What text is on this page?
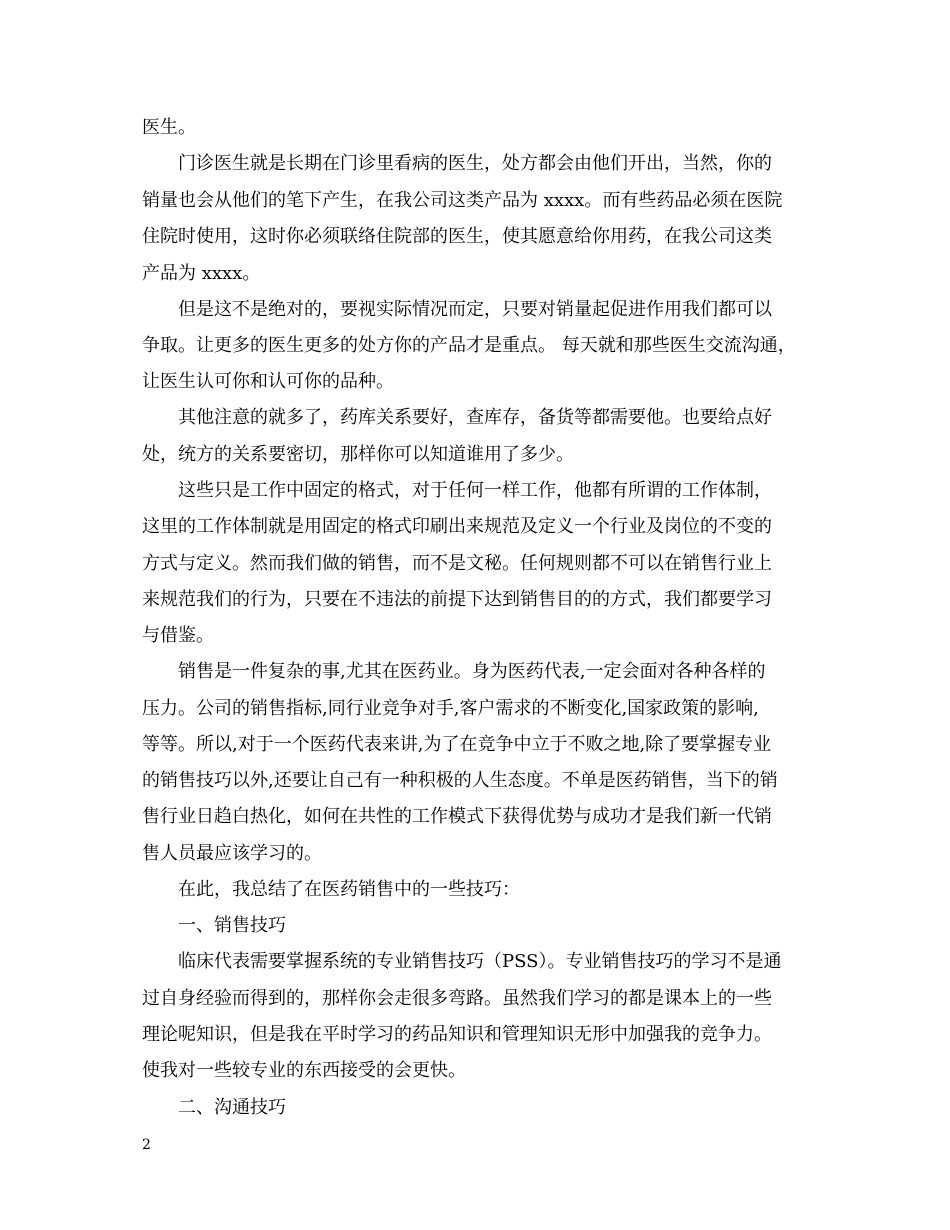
医生。
门诊医生就是长期在门诊里看病的医生，处方都会由他们开出，当然，你的
销量也会从他们的笔下产生，在我公司这类产品为 xxxx。而有些药品必须在医院
住院时使用，这时你必须联络住院部的医生，使其愿意给你用药，在我公司这类
产品为 xxxx。
但是这不是绝对的，要视实际情况而定，只要对销量起促进作用我们都可以
争取。让更多的医生更多的处方你的产品才是重点。 每天就和那些医生交流沟通，
让医生认可你和认可你的品种。
其他注意的就多了，药库关系要好，查库存，备货等都需要他。也要给点好
处，统方的关系要密切，那样你可以知道谁用了多少。
这些只是工作中固定的格式，对于任何一样工作，他都有所谓的工作体制，
这里的工作体制就是用固定的格式印刷出来规范及定义一个行业及岗位的不变的
方式与定义。然而我们做的销售，而不是文秘。任何规则都不可以在销售行业上
来规范我们的行为，只要在不违法的前提下达到销售目的的方式，我们都要学习
与借鉴。
销售是一件复杂的事,尤其在医药业。身为医药代表,一定会面对各种各样的
压力。公司的销售指标,同行业竞争对手,客户需求的不断变化,国家政策的影响,
等等。所以,对于一个医药代表来讲,为了在竞争中立于不败之地,除了要掌握专业
的销售技巧以外,还要让自己有一种积极的人生态度。不单是医药销售，当下的销
售行业日趋白热化，如何在共性的工作模式下获得优势与成功才是我们新一代销
售人员最应该学习的。
在此，我总结了在医药销售中的一些技巧：
一、销售技巧
临床代表需要掌握系统的专业销售技巧（PSS）。专业销售技巧的学习不是通
过自身经验而得到的，那样你会走很多弯路。虽然我们学习的都是课本上的一些
理论呢知识，但是我在平时学习的药品知识和管理知识无形中加强我的竞争力。
使我对一些较专业的东西接受的会更快。
二、沟通技巧
2
